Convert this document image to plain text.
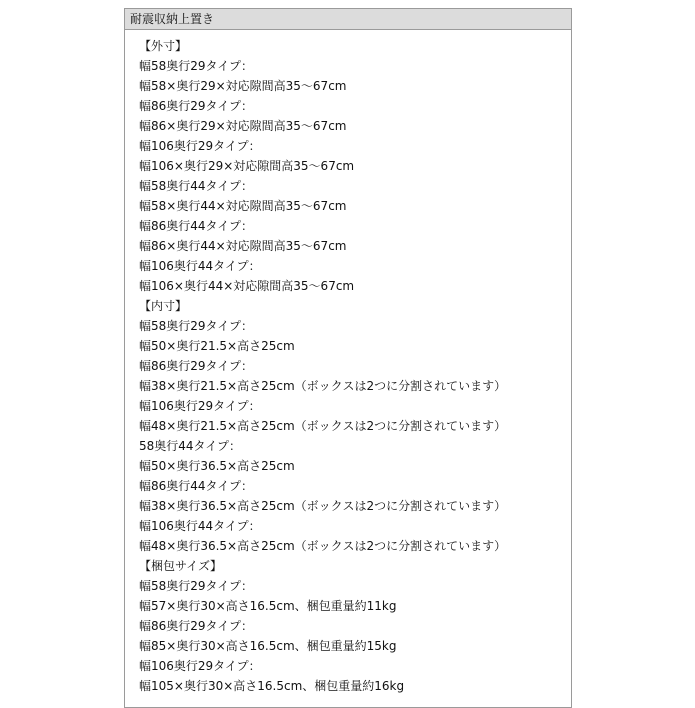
耐震収納上置き
【外寸】
幅58奥行29タイプ：
幅58×奥行29×対応隙間高35～67cm
幅86奥行29タイプ：
幅86×奥行29×対応隙間高35～67cm
幅106奥行29タイプ：
幅106×奥行29×対応隙間高35～67cm
幅58奥行44タイプ：
幅58×奥行44×対応隙間高35～67cm
幅86奥行44タイプ：
幅86×奥行44×対応隙間高35～67cm
幅106奥行44タイプ：
幅106×奥行44×対応隙間高35～67cm
【内寸】
幅58奥行29タイプ：
幅50×奥行21.5×高さ25cm
幅86奥行29タイプ：
幅38×奥行21.5×高さ25cm（ボックスは2つに分割されています）
幅106奥行29タイプ：
幅48×奥行21.5×高さ25cm（ボックスは2つに分割されています）
58奥行44タイプ：
幅50×奥行36.5×高さ25cm
幅86奥行44タイプ：
幅38×奥行36.5×高さ25cm（ボックスは2つに分割されています）
幅106奥行44タイプ：
幅48×奥行36.5×高さ25cm（ボックスは2つに分割されています）
【梱包サイズ】
幅58奥行29タイプ：
幅57×奥行30×高さ16.5cm、梱包重量約11kg
幅86奥行29タイプ：
幅85×奥行30×高さ16.5cm、梱包重量約15kg
幅106奥行29タイプ：
幅105×奥行30×高さ16.5cm、梱包重量約16kg
